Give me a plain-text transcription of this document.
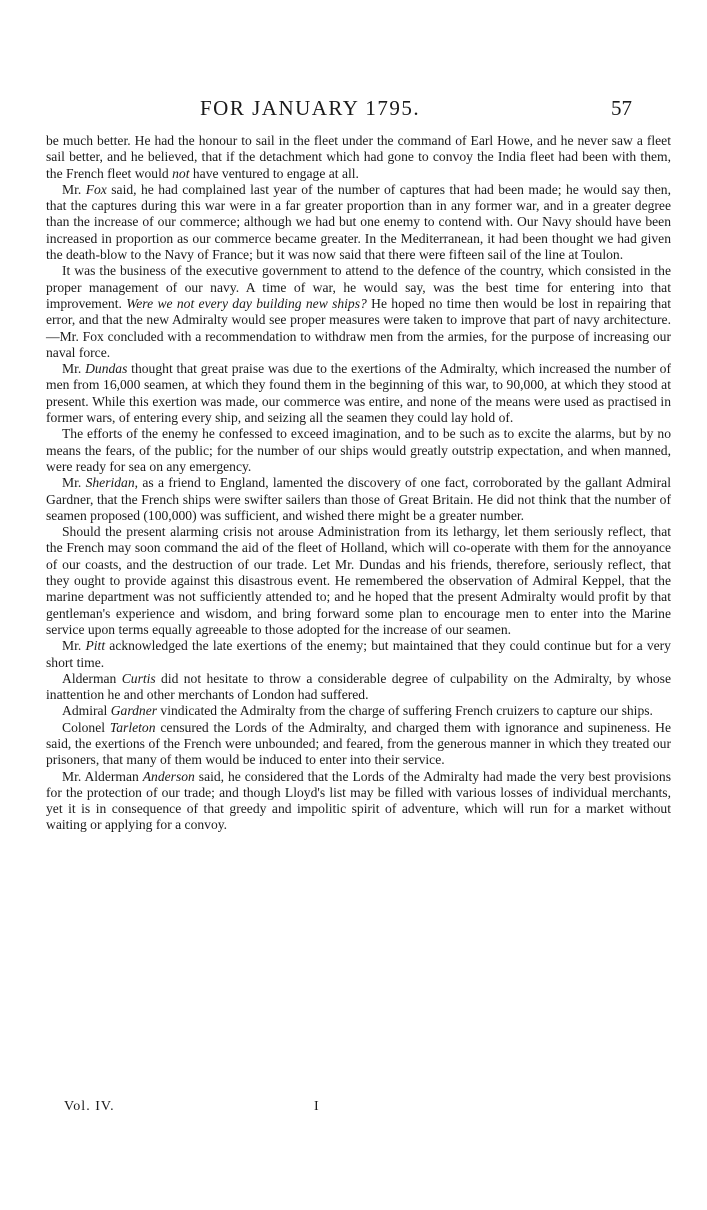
FOR JANUARY 1795.	57

be much better. He had the honour to sail in the fleet under the command of Earl Howe, and he never saw a fleet sail better, and he believed, that if the detachment which had gone to convoy the India fleet had been with them, the French fleet would not have ventured to engage at all.

Mr. Fox said, he had complained last year of the number of captures that had been made; he would say then, that the captures during this war were in a far greater proportion than in any former war, and in a greater degree than the increase of our commerce; although we had but one enemy to contend with. Our Navy should have been increased in proportion as our commerce became greater. In the Mediterranean, it had been thought we had given the death-blow to the Navy of France; but it was now said that there were fifteen sail of the line at Toulon.

It was the business of the executive government to attend to the defence of the country, which consisted in the proper management of our navy. A time of war, he would say, was the best time for entering into that improvement. Were we not every day building new ships? He hoped no time then would be lost in repairing that error, and that the new Admiralty would see proper measures were taken to improve that part of navy architecture.—Mr. Fox concluded with a recommendation to withdraw men from the armies, for the purpose of increasing our naval force.

Mr. Dundas thought that great praise was due to the exertions of the Admiralty, which increased the number of men from 16,000 seamen, at which they found them in the beginning of this war, to 90,000, at which they stood at present. While this exertion was made, our commerce was entire, and none of the means were used as practised in former wars, of entering every ship, and seizing all the seamen they could lay hold of.

The efforts of the enemy he confessed to exceed imagination, and to be such as to excite the alarms, but by no means the fears, of the public; for the number of our ships would greatly outstrip expectation, and when manned, were ready for sea on any emergency.

Mr. Sheridan, as a friend to England, lamented the discovery of one fact, corroborated by the gallant Admiral Gardner, that the French ships were swifter sailers than those of Great Britain. He did not think that the number of seamen proposed (100,000) was sufficient, and wished there might be a greater number.

Should the present alarming crisis not arouse Administration from its lethargy, let them seriously reflect, that the French may soon command the aid of the fleet of Holland, which will co-operate with them for the annoyance of our coasts, and the destruction of our trade. Let Mr. Dundas and his friends, therefore, seriously reflect, that they ought to provide against this disastrous event. He remembered the observation of Admiral Keppel, that the marine department was not sufficiently attended to; and he hoped that the present Admiralty would profit by that gentleman's experience and wisdom, and bring forward some plan to encourage men to enter into the Marine service upon terms equally agreeable to those adopted for the increase of our seamen.

Mr. Pitt acknowledged the late exertions of the enemy; but maintained that they could continue but for a very short time.

Alderman Curtis did not hesitate to throw a considerable degree of culpability on the Admiralty, by whose inattention he and other merchants of London had suffered.

Admiral Gardner vindicated the Admiralty from the charge of suffering French cruizers to capture our ships.

Colonel Tarleton censured the Lords of the Admiralty, and charged them with ignorance and supineness. He said, the exertions of the French were unbounded; and feared, from the generous manner in which they treated our prisoners, that many of them would be induced to enter into their service.

Mr. Alderman Anderson said, he considered that the Lords of the Admiralty had made the very best provisions for the protection of our trade; and though Lloyd's list may be filled with various losses of individual merchants, yet it is in consequence of that greedy and impolitic spirit of adventure, which will run for a market without waiting or applying for a convoy.

Vol. IV.	I
